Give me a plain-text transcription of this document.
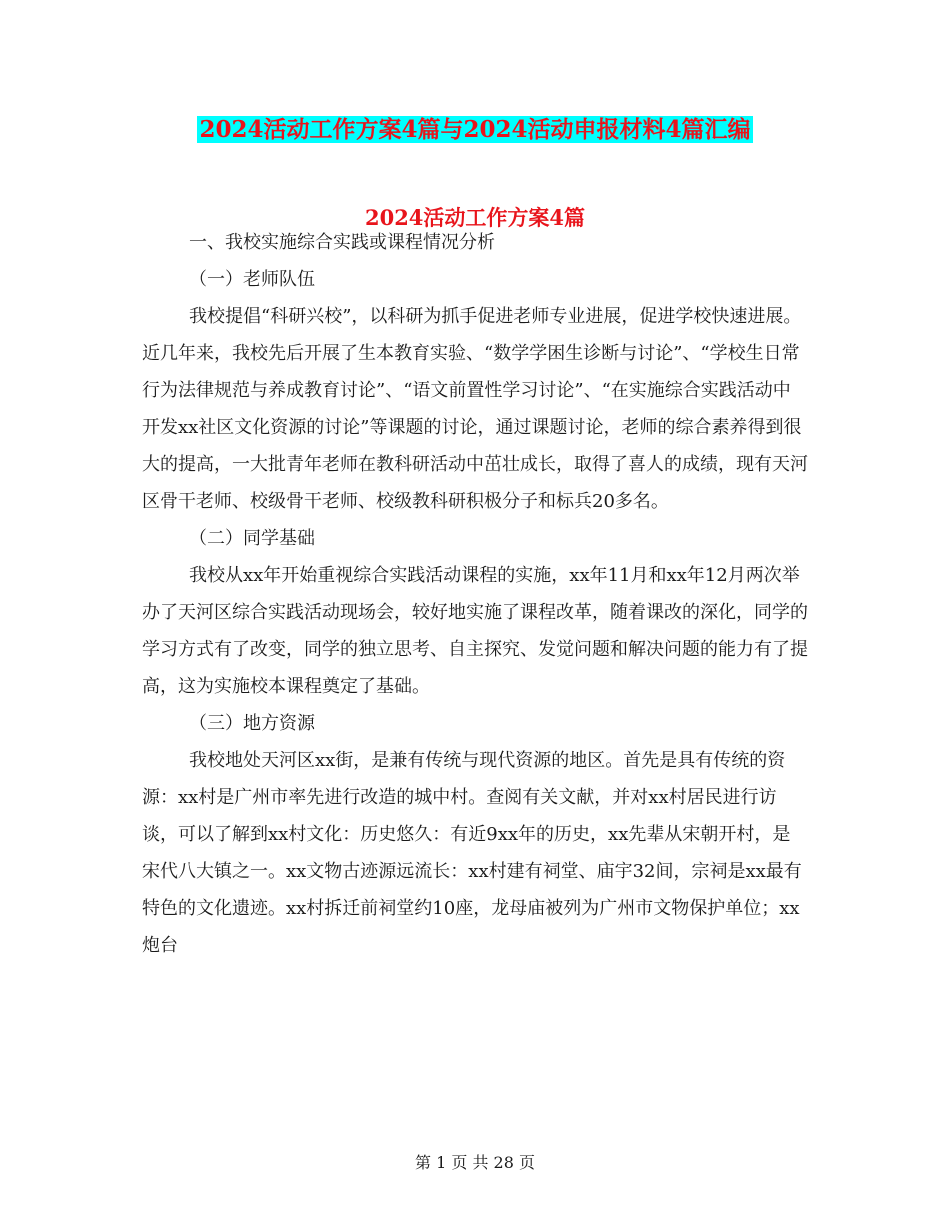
2024活动工作方案4篇与2024活动申报材料4篇汇编
2024活动工作方案4篇

一、我校实施综合实践或课程情况分析

（一）老师队伍

我校提倡“科研兴校”，以科研为抓手促进老师专业进展，促进学校快速进展。近几年来，我校先后开展了生本教育实验、“数学学困生诊断与讨论”、“学校生日常行为法律规范与养成教育讨论”、“语文前置性学习讨论”、“在实施综合实践活动中开发xx社区文化资源的讨论”等课题的讨论，通过课题讨论，老师的综合素养得到很大的提高，一大批青年老师在教科研活动中茁壮成长，取得了喜人的成绩，现有天河区骨干老师、校级骨干老师、校级教科研积极分子和标兵20多名。

（二）同学基础

我校从xx年开始重视综合实践活动课程的实施，xx年11月和xx年12月两次举办了天河区综合实践活动现场会，较好地实施了课程改革，随着课改的深化，同学的学习方式有了改变，同学的独立思考、自主探究、发觉问题和解决问题的能力有了提高，这为实施校本课程奠定了基础。

（三）地方资源

我校地处天河区xx街，是兼有传统与现代资源的地区。首先是具有传统的资源：xx村是广州市率先进行改造的城中村。查阅有关文献，并对xx村居民进行访谈，可以了解到xx村文化：历史悠久：有近9xx年的历史，xx先辈从宋朝开村，是宋代八大镇之一。xx文物古迹源远流长：xx村建有祠堂、庙宇32间，宗祠是xx最有特色的文化遗迹。xx村拆迁前祠堂约10座，龙母庙被列为广州市文物保护单位；xx炮台

第 1 页 共 28 页
